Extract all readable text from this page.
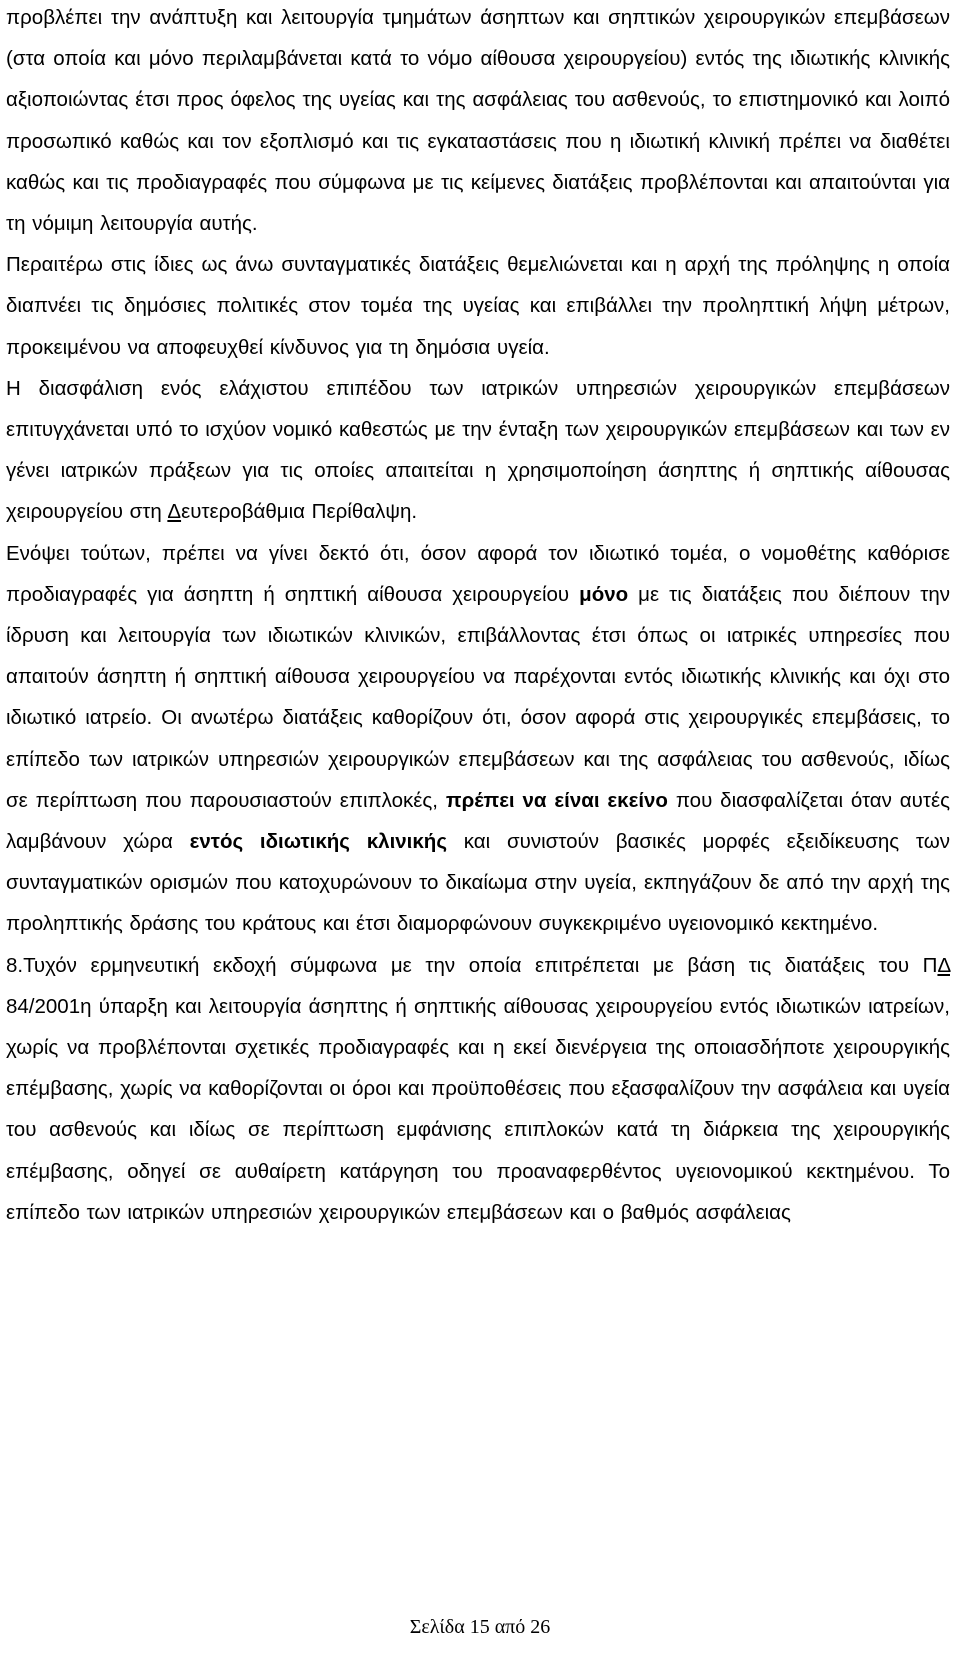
προβλέπει την ανάπτυξη και λειτουργία τμημάτων άσηπτων και σηπτικών χειρουργικών επεμβάσεων (στα οποία και μόνο περιλαμβάνεται κατά το νόμο αίθουσα χειρουργείου) εντός της ιδιωτικής κλινικής αξιοποιώντας έτσι προς όφελος της υγείας και της ασφάλειας του ασθενούς, το επιστημονικό και λοιπό προσωπικό καθώς και τον εξοπλισμό και τις εγκαταστάσεις που η ιδιωτική κλινική πρέπει να διαθέτει καθώς και τις προδιαγραφές που σύμφωνα με τις κείμενες διατάξεις προβλέπονται και απαιτούνται για τη νόμιμη λειτουργία αυτής.

Περαιτέρω στις ίδιες ως άνω συνταγματικές διατάξεις θεμελιώνεται και η αρχή της πρόληψης η οποία διαπνέει τις δημόσιες πολιτικές στον τομέα της υγείας και επιβάλλει την προληπτική λήψη μέτρων, προκειμένου να αποφευχθεί κίνδυνος για τη δημόσια υγεία.

Η διασφάλιση ενός ελάχιστου επιπέδου των ιατρικών υπηρεσιών χειρουργικών επεμβάσεων επιτυγχάνεται υπό το ισχύον νομικό καθεστώς με την ένταξη των χειρουργικών επεμβάσεων και των εν γένει ιατρικών πράξεων για τις οποίες απαιτείται η χρησιμοποίηση άσηπτης ή σηπτικής αίθουσας χειρουργείου στη Δευτεροβάθμια Περίθαλψη.

Ενόψει τούτων, πρέπει να γίνει δεκτό ότι, όσον αφορά τον ιδιωτικό τομέα, ο νομοθέτης καθόρισε προδιαγραφές για άσηπτη ή σηπτική αίθουσα χειρουργείου μόνο με τις διατάξεις που διέπουν την ίδρυση και λειτουργία των ιδιωτικών κλινικών, επιβάλλοντας έτσι όπως οι ιατρικές υπηρεσίες που απαιτούν άσηπτη ή σηπτική αίθουσα χειρουργείου να παρέχονται εντός ιδιωτικής κλινικής και όχι στο ιδιωτικό ιατρείο. Οι ανωτέρω διατάξεις καθορίζουν ότι, όσον αφορά στις χειρουργικές επεμβάσεις, το επίπεδο των ιατρικών υπηρεσιών χειρουργικών επεμβάσεων και της ασφάλειας του ασθενούς, ιδίως σε περίπτωση που παρουσιαστούν επιπλοκές, πρέπει να είναι εκείνο που διασφαλίζεται όταν αυτές λαμβάνουν χώρα εντός ιδιωτικής κλινικής και συνιστούν βασικές μορφές εξειδίκευσης των συνταγματικών ορισμών που κατοχυρώνουν το δικαίωμα στην υγεία, εκπηγάζουν δε από την αρχή της προληπτικής δράσης του κράτους και έτσι διαμορφώνουν συγκεκριμένο υγειονομικό κεκτημένο.

8.Τυχόν ερμηνευτική εκδοχή σύμφωνα με την οποία επιτρέπεται με βάση τις διατάξεις του ΠΔ 84/2001η ύπαρξη και λειτουργία άσηπτης ή σηπτικής αίθουσας χειρουργείου εντός ιδιωτικών ιατρείων, χωρίς να προβλέπονται σχετικές προδιαγραφές και η εκεί διενέργεια της οποιασδήποτε χειρουργικής επέμβασης, χωρίς να καθορίζονται οι όροι και προϋποθέσεις που εξασφαλίζουν την ασφάλεια και υγεία του ασθενούς και ιδίως σε περίπτωση εμφάνισης επιπλοκών κατά τη διάρκεια της χειρουργικής επέμβασης, οδηγεί σε αυθαίρετη κατάργηση του προαναφερθέντος υγειονομικού κεκτημένου. Το επίπεδο των ιατρικών υπηρεσιών χειρουργικών επεμβάσεων και ο βαθμός ασφάλειας

Σελίδα 15 από 26
